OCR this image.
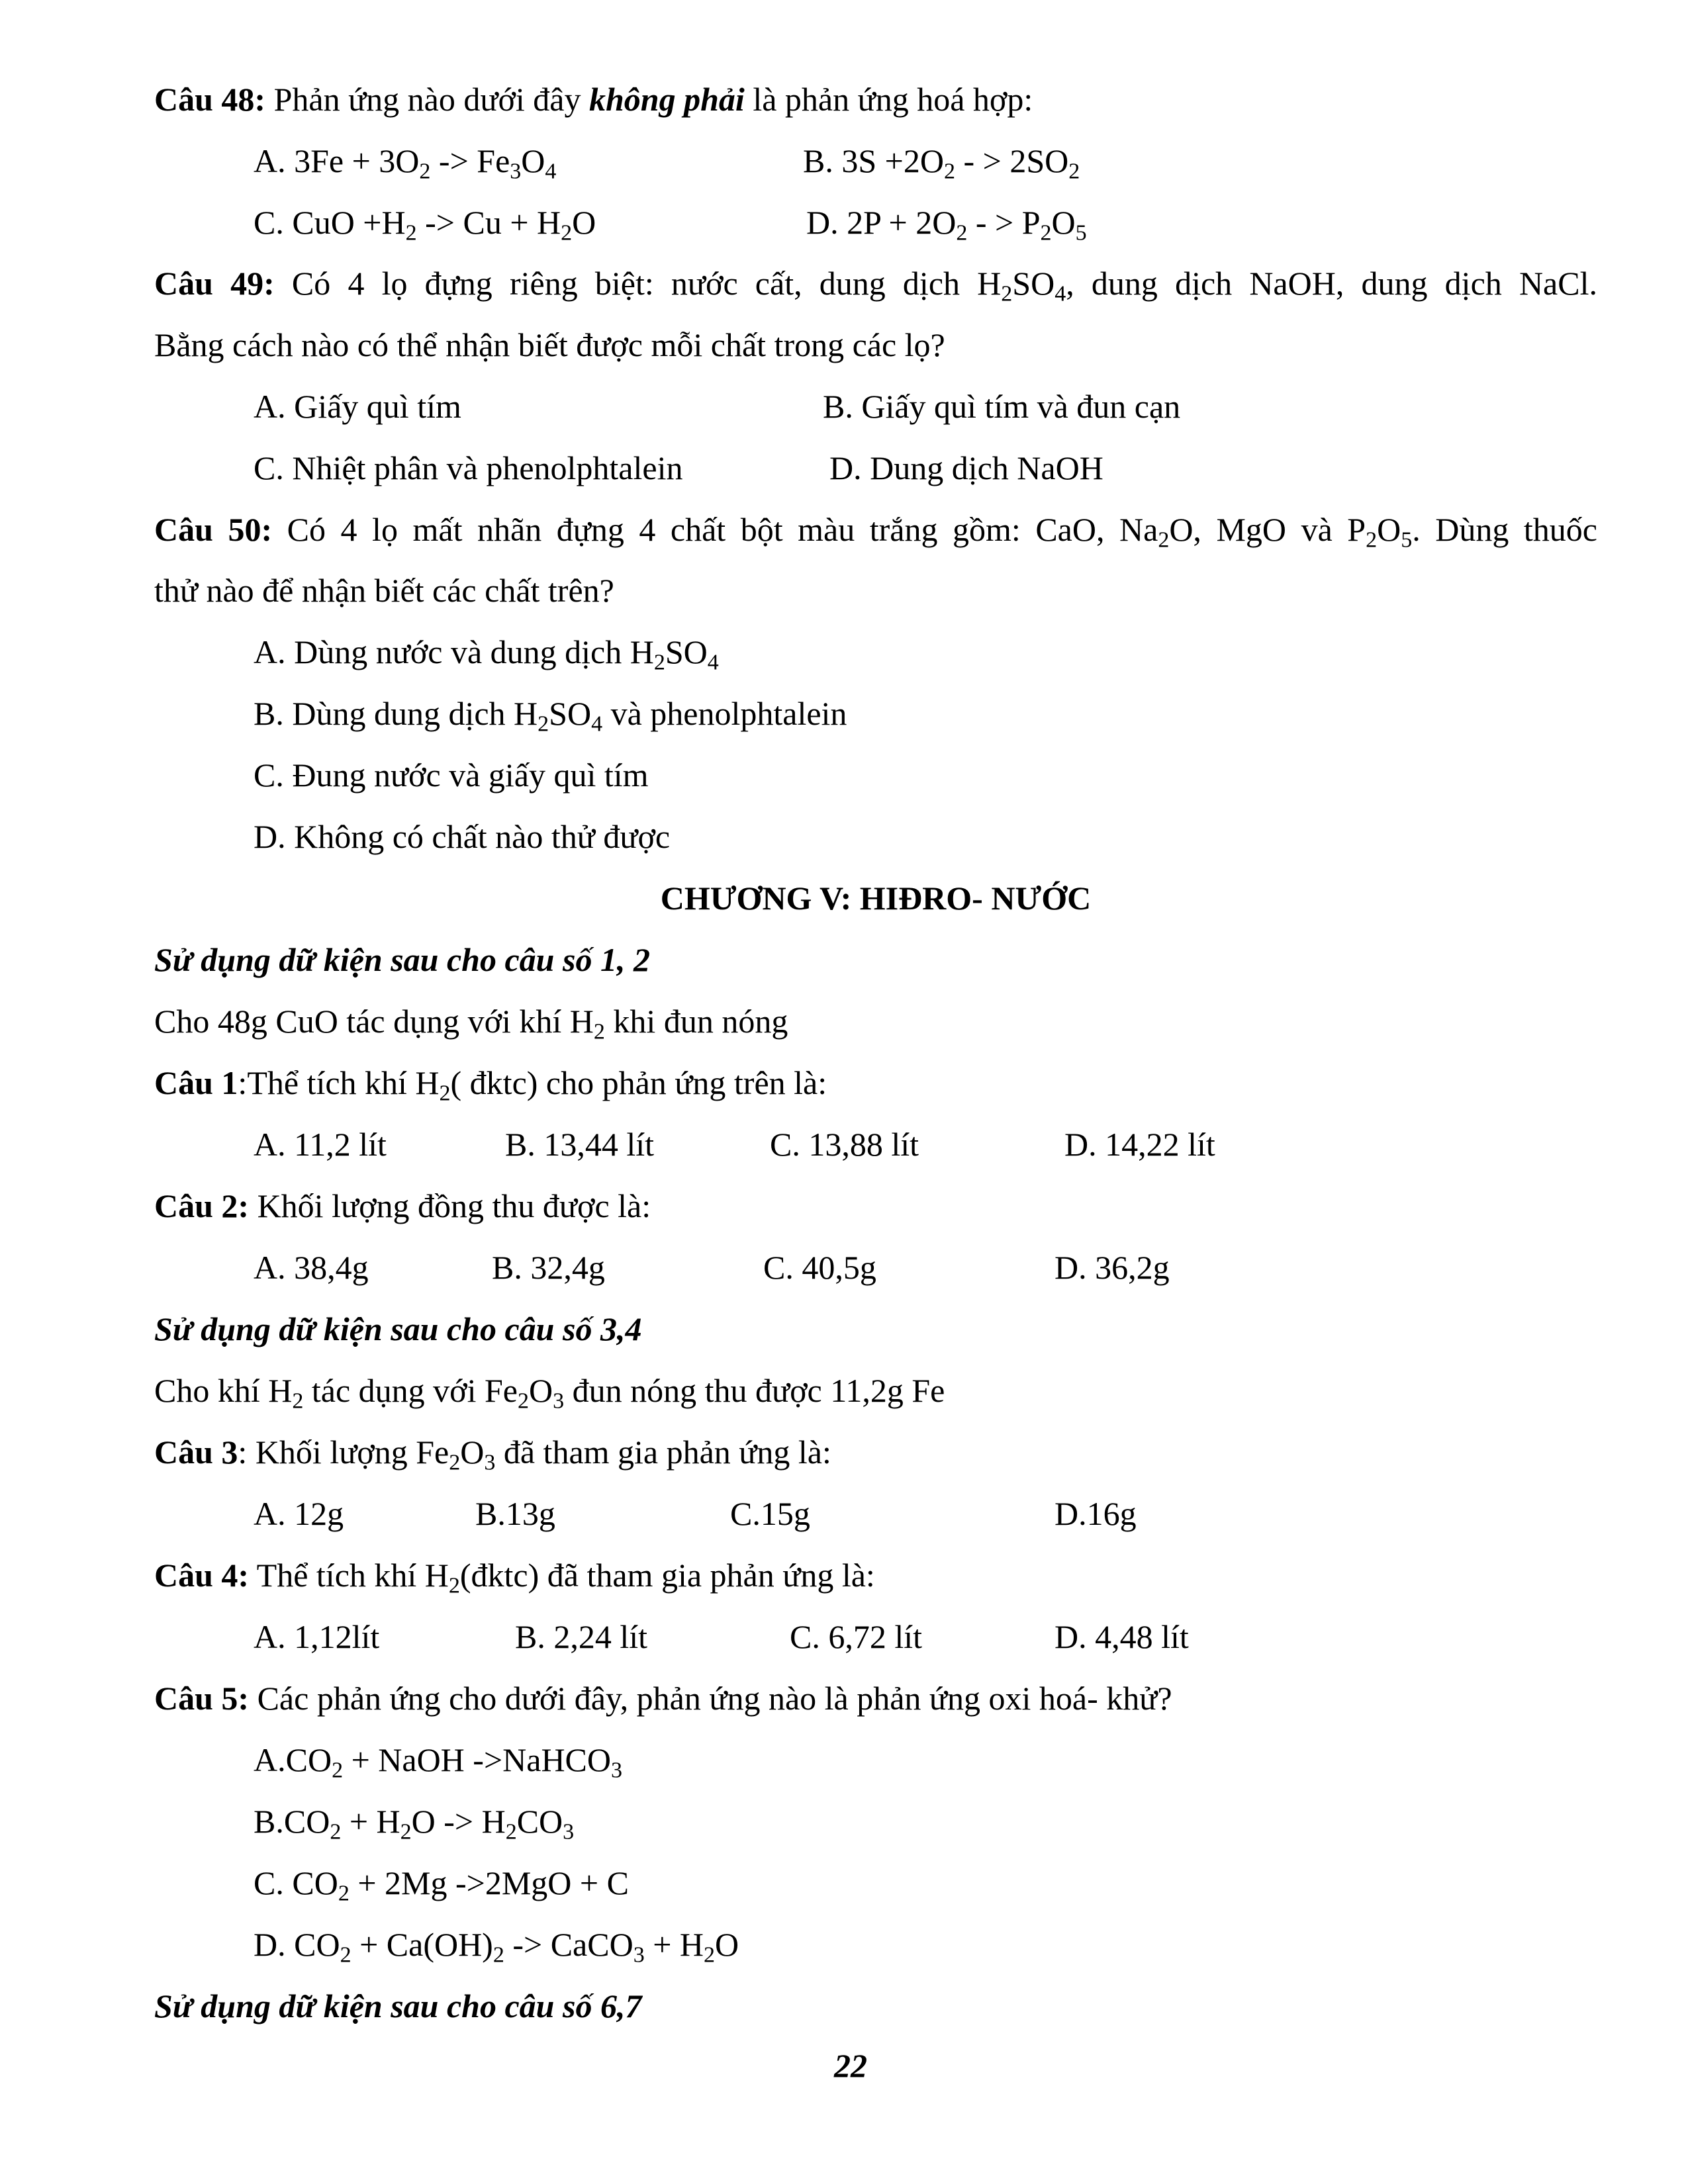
Câu 48: Phản ứng nào dưới đây không phải là phản ứng hoá hợp:
A. $3Fe + 3O_2 -> Fe_3O_4$	B. $3S +2O_2$ - > $2SO_2$
C. CuO $+H_2 -> Cu + H_2O$	D. $2P + 2O_2$ - > $P_2O_5$
Câu 49: Có 4 lọ đựng riêng biệt: nước cất, dung dịch $H_2SO_4$, dung dịch NaOH, dung dịch NaCl.
Bằng cách nào có thể nhận biết được mỗi chất trong các lọ?
A. Giấy quì tím	B. Giấy quì tím và đun cạn
C. Nhiệt phân và phenolphtalein	D. Dung dịch NaOH
Câu 50: Có 4 lọ mất nhãn đựng 4 chất bột màu trắng gồm: CaO, $Na_2O$, MgO và $P_2O_5$. Dùng thuốc
thử nào để nhận biết các chất trên?
A. Dùng nước và dung dịch $H_2SO_4$
B. Dùng dung dịch $H_2SO_4$ và phenolphtalein
C. Đung nước và giấy quì tím
D. Không có chất nào thử được
CHƯƠNG V: HIĐRO- NƯỚC
Sử dụng dữ kiện sau cho câu số 1, 2
Cho 48g CuO tác dụng với khí $H_2$ khi đun nóng
Câu 1:Thể tích khí $H_2$( đktc) cho phản ứng trên là:
A. 11,2 lít	B. 13,44 lít	C. 13,88 lít	D. 14,22 lít
Câu 2: Khối lượng đồng thu được là:
A. 38,4g	B. 32,4g	C. 40,5g	D. 36,2g
Sử dụng dữ kiện sau cho câu số 3,4
Cho khí $H_2$ tác dụng với $Fe_2O_3$ đun nóng thu được 11,2g Fe
Câu 3: Khối lượng $Fe_2O_3$ đã tham gia phản ứng là:
A. 12g	B.13g	C.15g	D.16g
Câu 4: Thể tích khí $H_2(đktc)$ đã tham gia phản ứng là:
A. 1,12lít	B. 2,24 lít	C. 6,72 lít	D. 4,48 lít
Câu 5: Các phản ứng cho dưới đây, phản ứng nào là phản ứng oxi hoá- khử?
$A.CO_2$ + NaOH ->NaHCO$_3$
$B.CO_2 + H_2O -> H_2CO_3$
C. $CO_2 + 2Mg$ ->2MgO + C
D. $CO_2 + Ca(OH)_2$ -> CaCO$_3$ + $H_2O$
Sử dụng dữ kiện sau cho câu số 6,7
22
